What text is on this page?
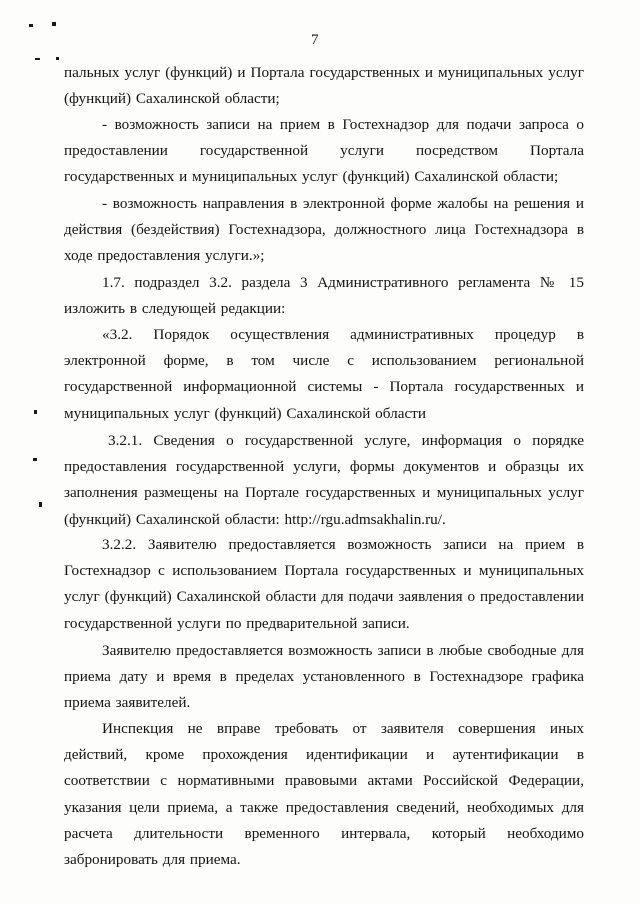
7

пальных услуг (функций) и Портала государственных и муниципальных услуг (функций) Сахалинской области;

- возможность записи на прием в Гостехнадзор для подачи запроса о предоставлении государственной услуги посредством Портала государственных и муниципальных услуг (функций) Сахалинской области;

- возможность направления в электронной форме жалобы на решения и действия (бездействия) Гостехнадзора, должностного лица Гостехнадзора в ходе предоставления услуги.»;

1.7. подраздел 3.2. раздела 3 Административного регламента № 15 изложить в следующей редакции:

«3.2. Порядок осуществления административных процедур в электронной форме, в том числе с использованием региональной государственной информационной системы - Портала государственных и муниципальных услуг (функций) Сахалинской области

3.2.1. Сведения о государственной услуге, информация о порядке предоставления государственной услуги, формы документов и образцы их заполнения размещены на Портале государственных и муниципальных услуг (функций) Сахалинской области: http://rgu.admsakhalin.ru/.

3.2.2. Заявителю предоставляется возможность записи на прием в Гостехнадзор с использованием Портала государственных и муниципальных услуг (функций) Сахалинской области для подачи заявления о предоставлении государственной услуги по предварительной записи.

Заявителю предоставляется возможность записи в любые свободные для приема дату и время в пределах установленного в Гостехнадзоре графика приема заявителей.

Инспекция не вправе требовать от заявителя совершения иных действий, кроме прохождения идентификации и аутентификации в соответствии с нормативными правовыми актами Российской Федерации, указания цели приема, а также предоставления сведений, необходимых для расчета длительности временного интервала, который необходимо забронировать для приема.
